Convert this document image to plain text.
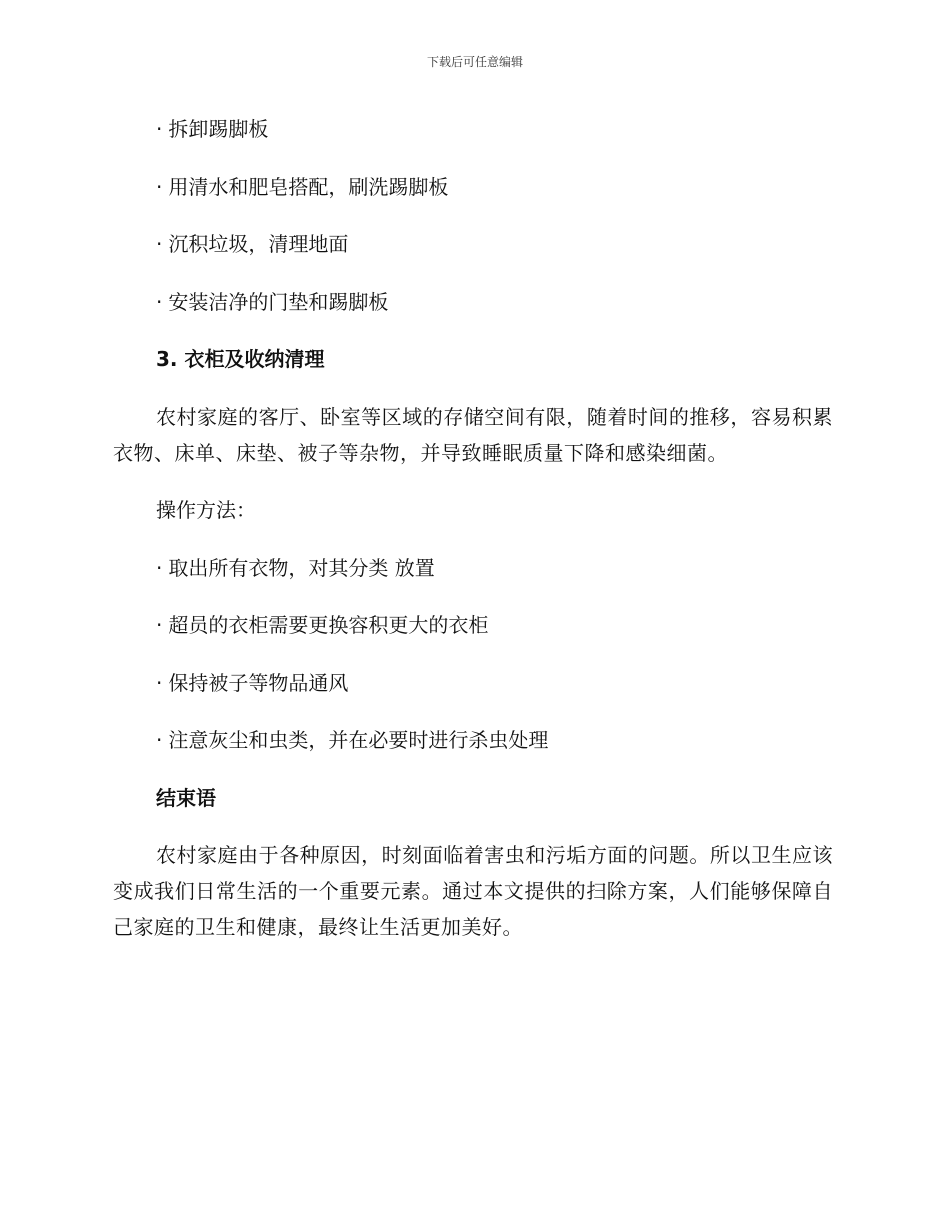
下载后可任意编辑
· 拆卸踢脚板
· 用清水和肥皂搭配，刷洗踢脚板
· 沉积垃圾，清理地面
· 安装洁净的门垫和踢脚板
3. 衣柜及收纳清理
农村家庭的客厅、卧室等区域的存储空间有限，随着时间的推移，容易积累衣物、床单、床垫、被子等杂物，并导致睡眠质量下降和感染细菌。
操作方法：
· 取出所有衣物，对其分类 放置
· 超员的衣柜需要更换容积更大的衣柜
· 保持被子等物品通风
· 注意灰尘和虫类，并在必要时进行杀虫处理
结束语
农村家庭由于各种原因，时刻面临着害虫和污垢方面的问题。所以卫生应该变成我们日常生活的一个重要元素。通过本文提供的扫除方案，人们能够保障自己家庭的卫生和健康，最终让生活更加美好。
